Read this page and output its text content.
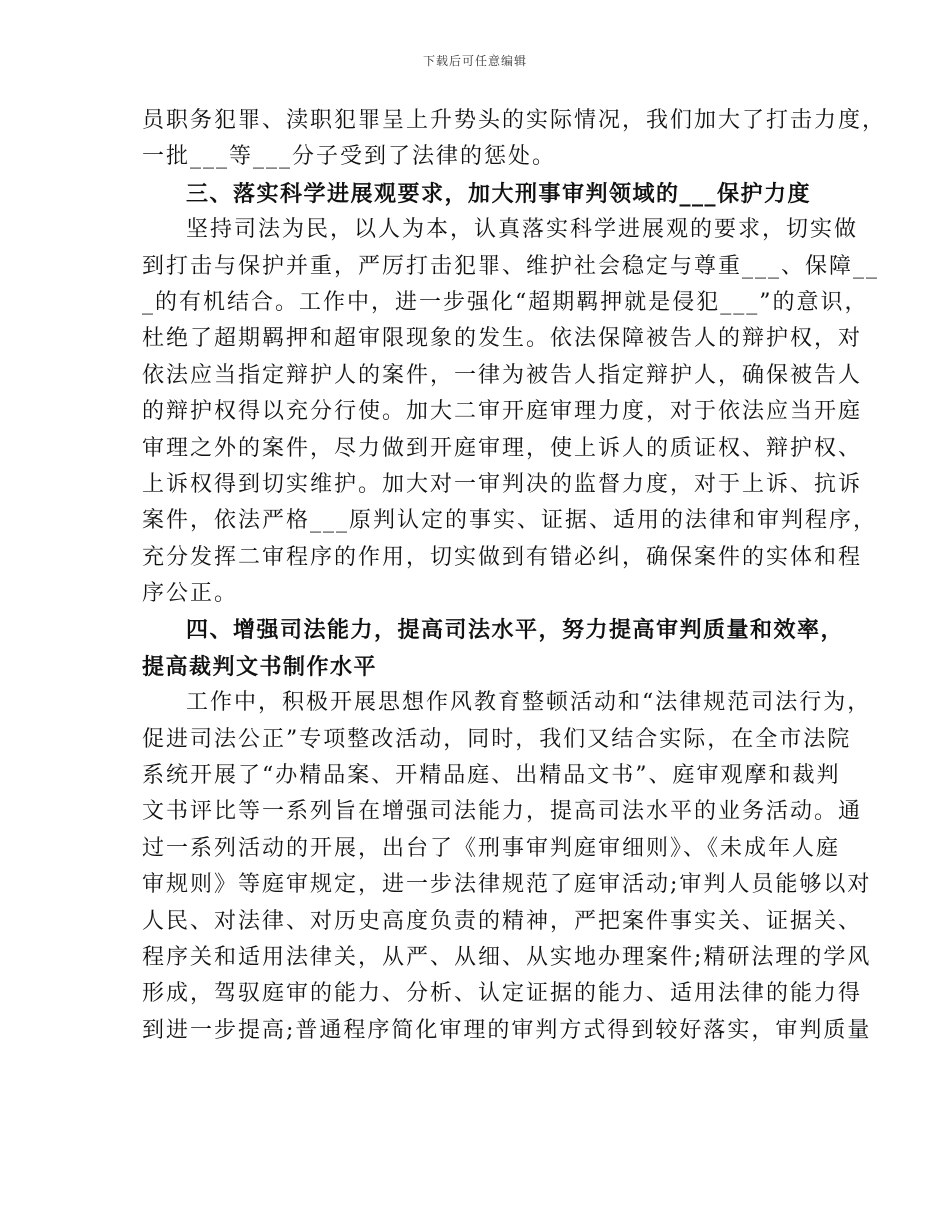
下载后可任意编辑
员职务犯罪、渎职犯罪呈上升势头的实际情况，我们加大了打击力度，
一批___等___分子受到了法律的惩处。
三、落实科学进展观要求，加大刑事审判领域的___保护力度
坚持司法为民，以人为本，认真落实科学进展观的要求，切实做
到打击与保护并重，严厉打击犯罪、维护社会稳定与尊重___、保障__
_的有机结合。工作中，进一步强化“超期羁押就是侵犯___”的意识，
杜绝了超期羁押和超审限现象的发生。依法保障被告人的辩护权，对
依法应当指定辩护人的案件，一律为被告人指定辩护人，确保被告人
的辩护权得以充分行使。加大二审开庭审理力度，对于依法应当开庭
审理之外的案件，尽力做到开庭审理，使上诉人的质证权、辩护权、
上诉权得到切实维护。加大对一审判决的监督力度，对于上诉、抗诉
案件，依法严格___原判认定的事实、证据、适用的法律和审判程序，
充分发挥二审程序的作用，切实做到有错必纠，确保案件的实体和程
序公正。
四、增强司法能力，提高司法水平，努力提高审判质量和效率，
提高裁判文书制作水平
工作中，积极开展思想作风教育整顿活动和“法律规范司法行为，
促进司法公正”专项整改活动，同时，我们又结合实际，在全市法院
系统开展了“办精品案、开精品庭、出精品文书”、庭审观摩和裁判
文书评比等一系列旨在增强司法能力，提高司法水平的业务活动。通
过一系列活动的开展，出台了《刑事审判庭审细则》、《未成年人庭
审规则》等庭审规定，进一步法律规范了庭审活动;审判人员能够以对
人民、对法律、对历史高度负责的精神，严把案件事实关、证据关、
程序关和适用法律关，从严、从细、从实地办理案件;精研法理的学风
形成，驾驭庭审的能力、分析、认定证据的能力、适用法律的能力得
到进一步提高;普通程序简化审理的审判方式得到较好落实，审判质量
